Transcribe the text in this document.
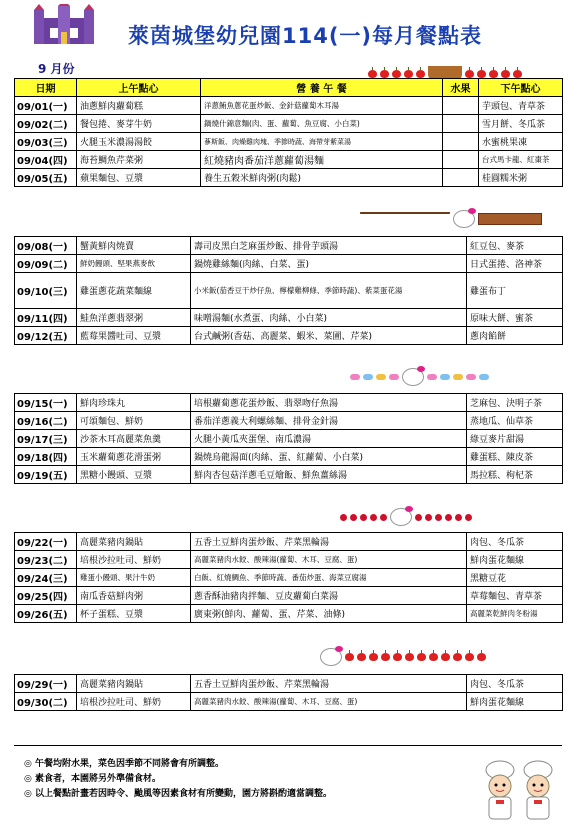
萊茵城堡幼兒園114(一)每月餐點表
9 月份
日期	上午點心	營 養 午 餐	水果	下午點心
09/01(一)	油蔥鮮肉蘿蔔糕	洋蔥鮪魚蔥花蛋炒飯、金針菇蘿蔔木耳湯		芋頭包、青草茶
09/02(二)	餐包捲、麥芽牛奶	鍋燒什錦意麵(肉、蛋、蘿蔔、魚豆腐、小白菜)		雪月餅、冬瓜茶
09/03(三)	火腿玉米濃湯湯餃	蔘斯飯、肉燥雞肉塊、季節時蔬、海帶芽紫菜湯		水蜜桃果凍
09/04(四)	海苔鯛魚芹菜粥	紅燒豬肉番茄洋蔥蘿蔔湯麵		台式馬卡龍、紅棗茶
09/05(五)	蘋果麵包、豆漿	養生五穀米鮮肉粥(肉鬆)		桂圓糯米粥
09/08(一)	蟹黃鮮肉燒賣	壽司皮黑白芝麻蛋炒飯、排骨芋頭湯	紅豆包、麥茶
09/09(二)	鮮奶饅頭、堅果燕麥飲	鍋燒雞絲麵(肉絲、白菜、蛋)	日式蛋捲、洛神茶
09/10(三)	雞蛋蔥花蔬菜麵線	小米飯(茄香豆干炒仔魚、檸檬雞柳條、季節時蔬)、紫菜蛋花湯	雞蛋布丁
09/11(四)	鮭魚洋蔥翡翠粥	味噌湯麵(水煮蛋、肉絲、小白菜)	原味大餅、蜜茶
09/12(五)	藍莓果醬吐司、豆漿	台式鹹粥(香菇、高麗菜、蝦米、菜圃、芹菜)	蔥肉餡餅
09/15(一)	鮮肉珍珠丸	培根蘿蔔蔥花蛋炒飯、翡翠吻仔魚湯	芝麻包、決明子茶
09/16(二)	可頌麵包、鮮奶	番茄洋蔥義大利螺絲麵、排骨金針湯	蒸地瓜、仙草茶
09/17(三)	沙茶木耳高麗菜魚羹	火腿小黃瓜夾蛋堡、南瓜濃湯	綠豆麥片甜湯
09/18(四)	玉米蘿蔔蔥花滑蛋粥	鍋燒烏龍湯面(肉絲、蛋、紅蘿蔔、小白菜)	雞蛋糕、陳皮茶
09/19(五)	黑糖小饅頭、豆漿	鮮肉杏包菇洋蔥毛豆燴飯、鮮魚薑絲湯	馬拉糕、枸杞茶
09/22(一)	高麗菜豬肉鍋貼	五香土豆鮮肉蛋炒飯、芹菜黑輪湯	肉包、冬瓜茶
09/23(二)	培根沙拉吐司、鮮奶	高麗菜豬肉水餃、酸辣湯(蘿蔔、木耳、豆腐、蛋)	鮮肉蛋花麵線
09/24(三)	雞蛋小饅頭、果汁牛奶	白飯、紅燒鯛魚、季節時蔬、番茄炒蛋、海菜豆腐湯	黑糖豆花
09/25(四)	南瓜香菇鮮肉粥	蔥香酥油豬肉拌麵、豆皮蘿蔔白菜湯	草莓麵包、青草茶
09/26(五)	杯子蛋糕、豆漿	廣東粥(鮮肉、蘿蔔、蛋、芹菜、油條)	高麗菜乾鮮肉冬粉湯
09/29(一)	高麗菜豬肉鍋貼	五香土豆鮮肉蛋炒飯、芹菜黑輪湯	肉包、冬瓜茶
09/30(二)	培根沙拉吐司、鮮奶	高麗菜豬肉水餃、酸辣湯(蘿蔔、木耳、豆腐、蛋)	鮮肉蛋花麵線
◎ 午餐均附水果，菜色因季節不同將會有所調整。
◎ 素食者，本園將另外準備食材。
◎ 以上餐點計畫若因時令、颱風等因素食材有所變動，園方將斟酌適當調整。
